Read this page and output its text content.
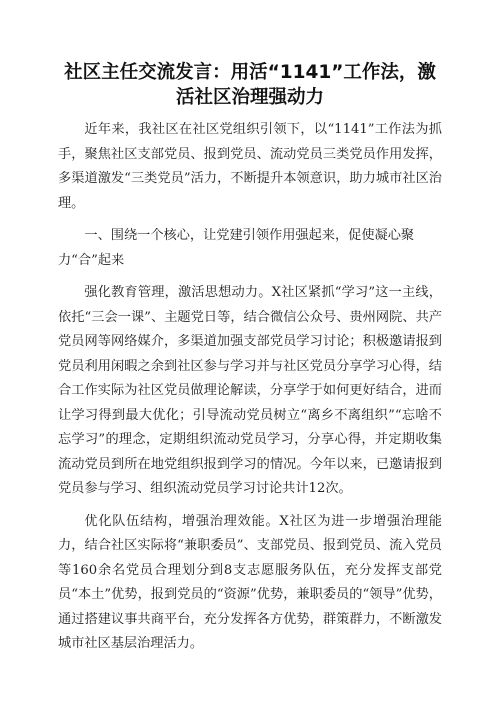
社区主任交流发言：用活“1141”工作法，激
活社区治理强动力

近年来，我社区在社区党组织引领下，以“1141”工作法为抓手，聚焦社区支部党员、报到党员、流动党员三类党员作用发挥，多渠道激发“三类党员”活力，不断提升本领意识，助力城市社区治理。

一、围绕一个核心，让党建引领作用强起来，促使凝心聚力“合”起来

强化教育管理，激活思想动力。X社区紧抓“学习”这一主线，依托“三会一课”、主题党日等，结合微信公众号、贵州网院、共产党员网等网络媒介，多渠道加强支部党员学习讨论；积极邀请报到党员利用闲暇之余到社区参与学习并与社区党员分享学习心得，结合工作实际为社区党员做理论解读，分享学于如何更好结合，进而让学习得到最大优化；引导流动党员树立“离乡不离组织”“忘啥不忘学习”的理念，定期组织流动党员学习，分享心得，并定期收集流动党员到所在地党组织报到学习的情况。今年以来，已邀请报到党员参与学习、组织流动党员学习讨论共计12次。

优化队伍结构，增强治理效能。X社区为进一步增强治理能力，结合社区实际将“兼职委员”、支部党员、报到党员、流入党员等160余名党员合理划分到8支志愿服务队伍，充分发挥支部党员“本土”优势，报到党员的“资源”优势，兼职委员的“领导”优势，通过搭建议事共商平台，充分发挥各方优势，群策群力，不断激发城市社区基层治理活力。
